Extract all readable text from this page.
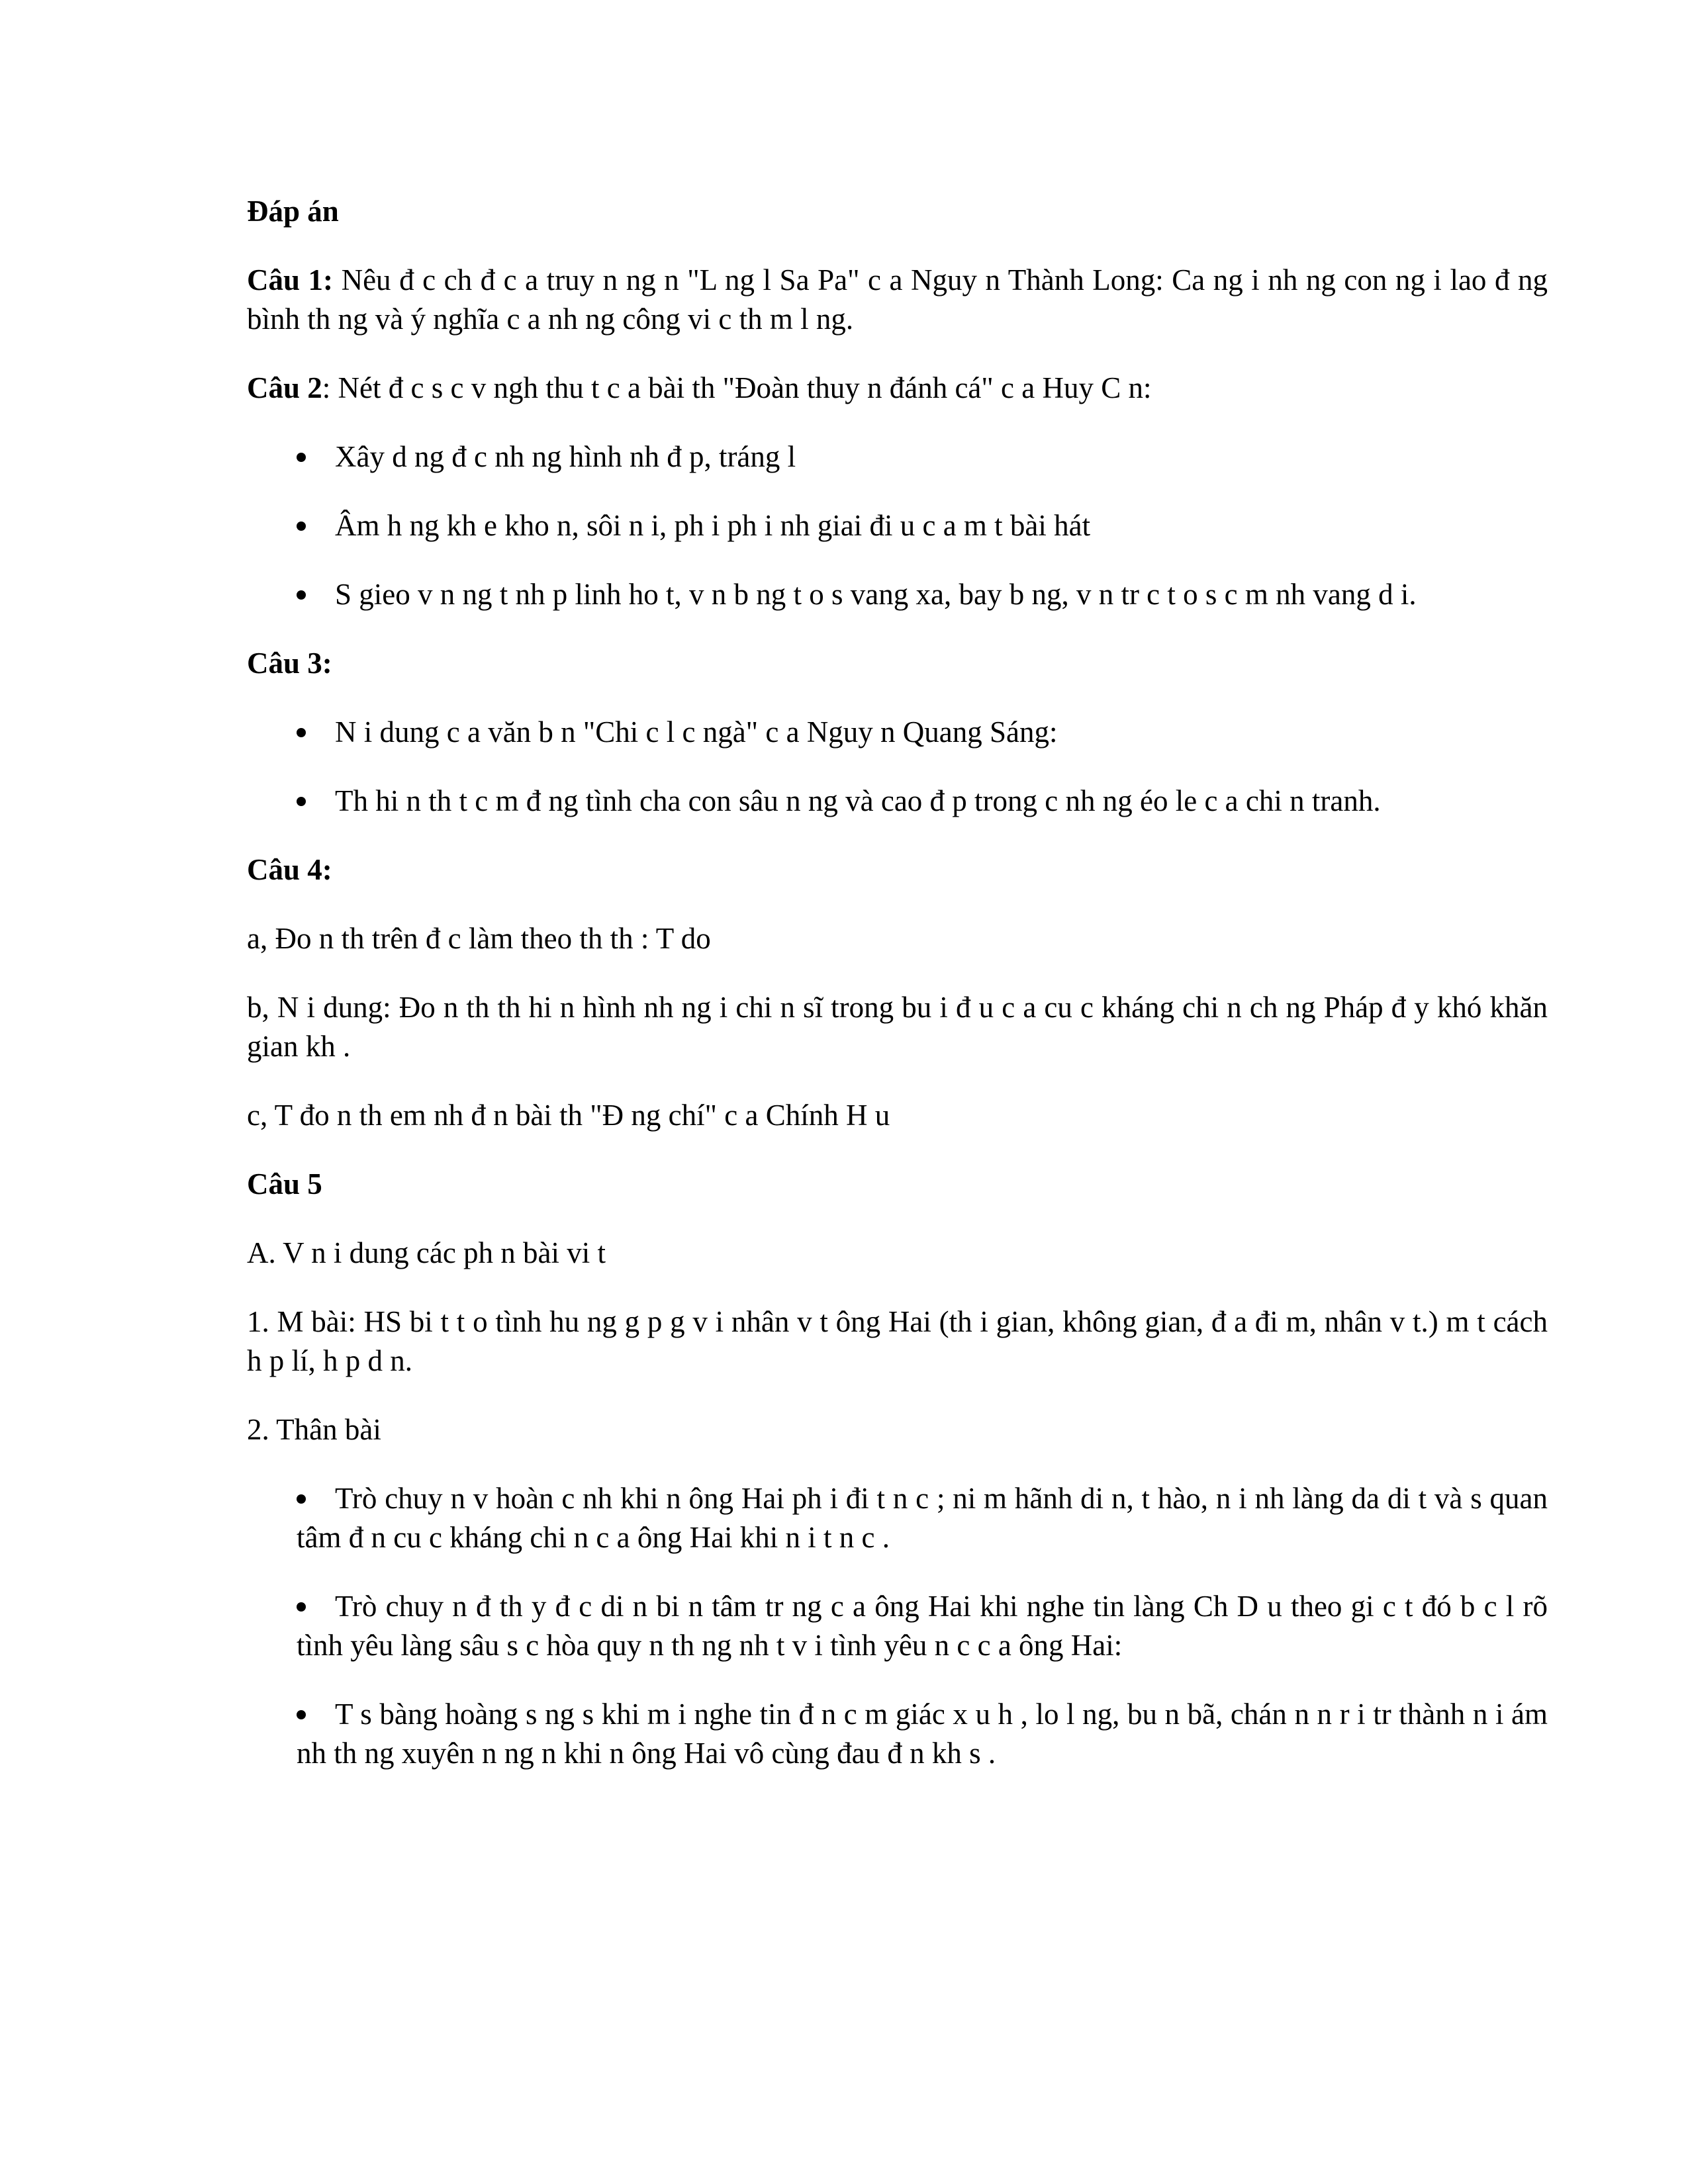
Đáp án

Câu 1: Nêu đ c ch đ c a truy n ng n "L ng l Sa Pa" c a Nguy n Thành Long: Ca ng i nh ng con ng i lao đ ng bình th ng và ý nghĩa c a nh ng công vi c th m l ng.

Câu 2: Nét đ c s c v ngh thu t c a bài th "Đoàn thuy n đánh cá" c a Huy C n:

Xây d ng đ c nh ng hình nh đ p, tráng l
Âm h ng kh e kho n, sôi n i, ph i ph i nh giai đi u c a m t bài hát
S gieo v n ng t nh p linh ho t, v n b ng t o s vang xa, bay b ng, v n tr c t o s c m nh vang d i.

Câu 3:

N i dung c a văn b n "Chi c l c ngà" c a Nguy n Quang Sáng:
Th hi n th t c m đ ng tình cha con sâu n ng và cao đ p trong c nh ng éo le c a chi n tranh.

Câu 4:

a, Đo n th trên đ c làm theo th th : T do

b, N i dung: Đo n th th hi n hình nh ng i chi n sĩ trong bu i đ u c a cu c kháng chi n ch ng Pháp đ y khó khăn gian kh .

c, T đo n th em nh đ n bài th "Đ ng chí" c a Chính H u

Câu 5

A. V n i dung các ph n bài vi t

1. M bài: HS bi t t o tình hu ng g p g v i nhân v t ông Hai (th i gian, không gian, đ a đi m, nhân v t.) m t cách h p lí, h p d n.

2. Thân bài

Trò chuy n v hoàn c nh khi n ông Hai ph i đi t n c ; ni m hãnh di n, t hào, n i nh làng da di t và s quan tâm đ n cu c kháng chi n c a ông Hai khi n i t n c .
Trò chuy n đ th y đ c di n bi n tâm tr ng c a ông Hai khi nghe tin làng Ch D u theo gi c t đó b c l rõ tình yêu làng sâu s c hòa quy n th ng nh t v i tình yêu n c c a ông Hai:
T s bàng hoàng s ng s khi m i nghe tin đ n c m giác x u h , lo l ng, bu n bã, chán n n r i tr thành n i ám nh th ng xuyên n ng n khi n ông Hai vô cùng đau đ n kh s .
